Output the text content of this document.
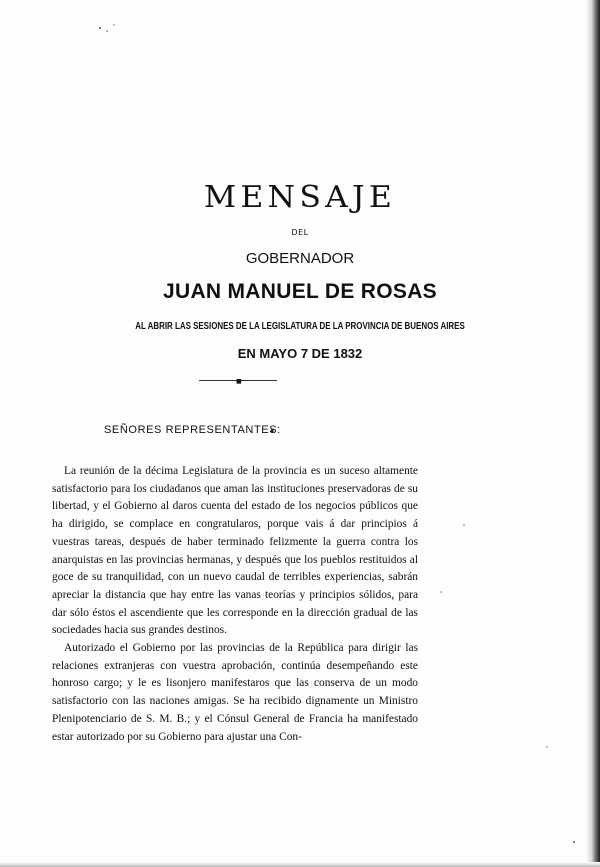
MENSAJE
DEL
GOBERNADOR
JUAN MANUEL DE ROSAS
AL ABRIR LAS SESIONES DE LA LEGISLATURA DE LA PROVINCIA DE BUENOS AIRES
EN MAYO 7 DE 1832
■
SEÑORES REPRESENTANTES:

La reunión de la décima Legislatura de la provincia es un suceso altamente satisfactorio para los ciudadanos que aman las instituciones preservadoras de su libertad, y el Gobierno al daros cuenta del estado de los negocios públicos que ha dirigido, se complace en congratularos, porque vais á dar principios á vuestras tareas, después de haber terminado felizmente la guerra contra los anarquistas en las provincias hermanas, y después que los pueblos restituidos al goce de su tranquilidad, con un nuevo caudal de terribles experiencias, sabrán apreciar la distancia que hay entre las vanas teorías y principios sólidos, para dar sólo éstos el ascendiente que les corresponde en la dirección gradual de las sociedades hacia sus grandes destinos.

Autorizado el Gobierno por las provincias de la República para dirigir las relaciones extranjeras con vuestra aprobación, continúa desempeñando este honroso cargo; y le es lisonjero manifestaros que las conserva de un modo satisfactorio con las naciones amigas. Se ha recibido dignamente un Ministro Plenipotenciario de S. M. B.; y el Cónsul General de Francia ha manifestado estar autorizado por su Gobierno para ajustar una Con-
